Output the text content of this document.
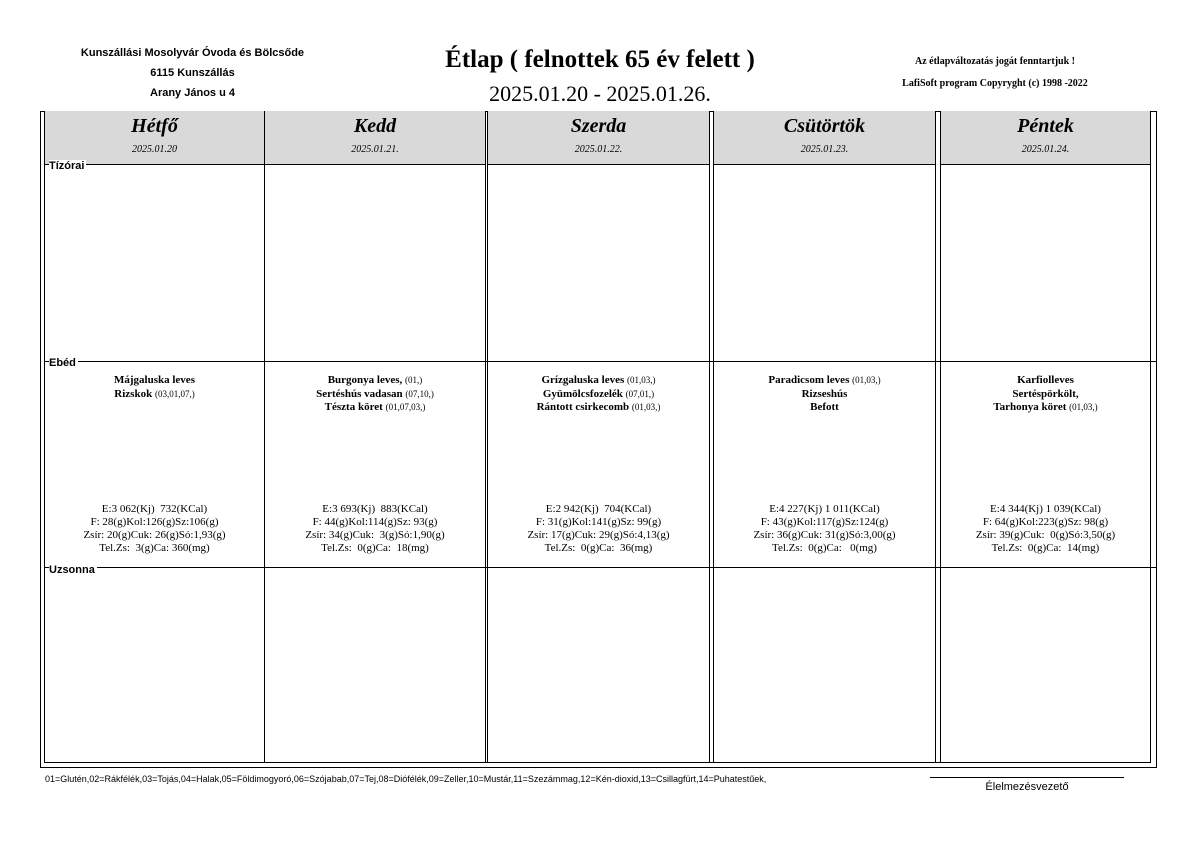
Kunszállási Mosolyvár Óvoda és Bölcsőde
6115 Kunszállás
Arany János u 4
Étlap ( felnottek 65 év felett )
2025.01.20 - 2025.01.26.
Az étlapváltozatás jogát fenntartjuk !
LafiSoft program Copyryght (c) 1998 -2022
Hétfő
2025.01.20
Májgaluska leves
Rizskok (03,01,07,)
E:3 062(Kj)  732(KCal)
F: 28(g)Kol:126(g)Sz:106(g)
Zsír: 20(g)Cuk: 26(g)Só:1,93(g)
Tel.Zs:  3(g)Ca: 360(mg)
Kedd
2025.01.21.
Burgonya leves, (01,)
Sertéshús vadasan (07,10,)
Tészta köret (01,07,03,)
E:3 693(Kj)  883(KCal)
F: 44(g)Kol:114(g)Sz: 93(g)
Zsír: 34(g)Cuk:  3(g)Só:1,90(g)
Tel.Zs:  0(g)Ca:  18(mg)
Szerda
2025.01.22.
Grízgaluska leves (01,03,)
Gyümölcsfozelék (07,01,)
Rántott csirkecomb (01,03,)
E:2 942(Kj)  704(KCal)
F: 31(g)Kol:141(g)Sz: 99(g)
Zsír: 17(g)Cuk: 29(g)Só:4,13(g)
Tel.Zs:  0(g)Ca:  36(mg)
Csütörtök
2025.01.23.
Paradicsom leves (01,03,)
Rizseshús
Befott
E:4 227(Kj) 1 011(KCal)
F: 43(g)Kol:117(g)Sz:124(g)
Zsír: 36(g)Cuk: 31(g)Só:3,00(g)
Tel.Zs:  0(g)Ca:   0(mg)
Péntek
2025.01.24.
Karfiolleves
Sertéspörkölt,
Tarhonya köret (01,03,)
E:4 344(Kj) 1 039(KCal)
F: 64(g)Kol:223(g)Sz: 98(g)
Zsír: 39(g)Cuk:  0(g)Só:3,50(g)
Tel.Zs:  0(g)Ca:  14(mg)
Tízórai
Ebéd
Uzsonna
01=Glutén,02=Rákfélék,03=Tojás,04=Halak,05=Földimogyoró,06=Szójabab,07=Tej,08=Diófélék,09=Zeller,10=Mustár,11=Szezámmag,12=Kén-dioxid,13=Csillagfürt,14=Puhatestűek,
Élelmezésvezető
